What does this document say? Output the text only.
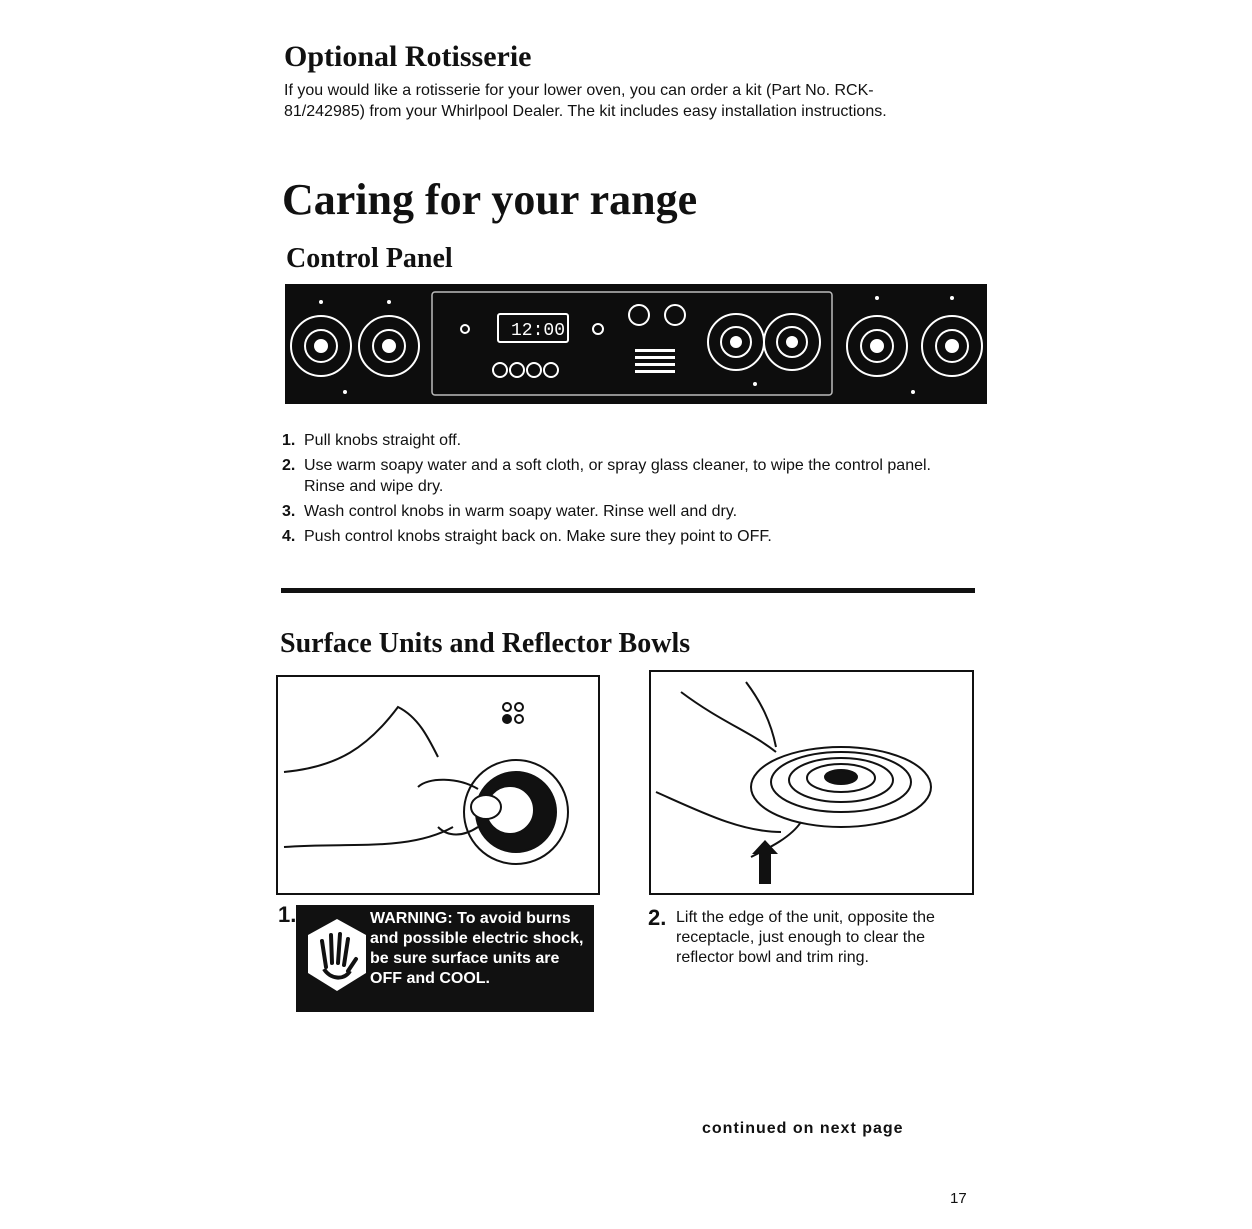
Optional Rotisserie

If you would like a rotisserie for your lower oven, you can order a kit (Part No. RCK-81/242985) from your Whirlpool Dealer. The kit includes easy installation instructions.

Caring for your range
Control Panel
12:00
1. Pull knobs straight off.
2. Use warm soapy water and a soft cloth, or spray glass cleaner, to wipe the control panel. Rinse and wipe dry.
3. Wash control knobs in warm soapy water. Rinse well and dry.
4. Push control knobs straight back on. Make sure they point to OFF.
Surface Units and Reflector Bowls
1.	WARNING: To avoid burns and possible electric shock, be sure surface units are OFF and COOL.
2. Lift the edge of the unit, opposite the receptacle, just enough to clear the reflector bowl and trim ring.
continued on next page
17
